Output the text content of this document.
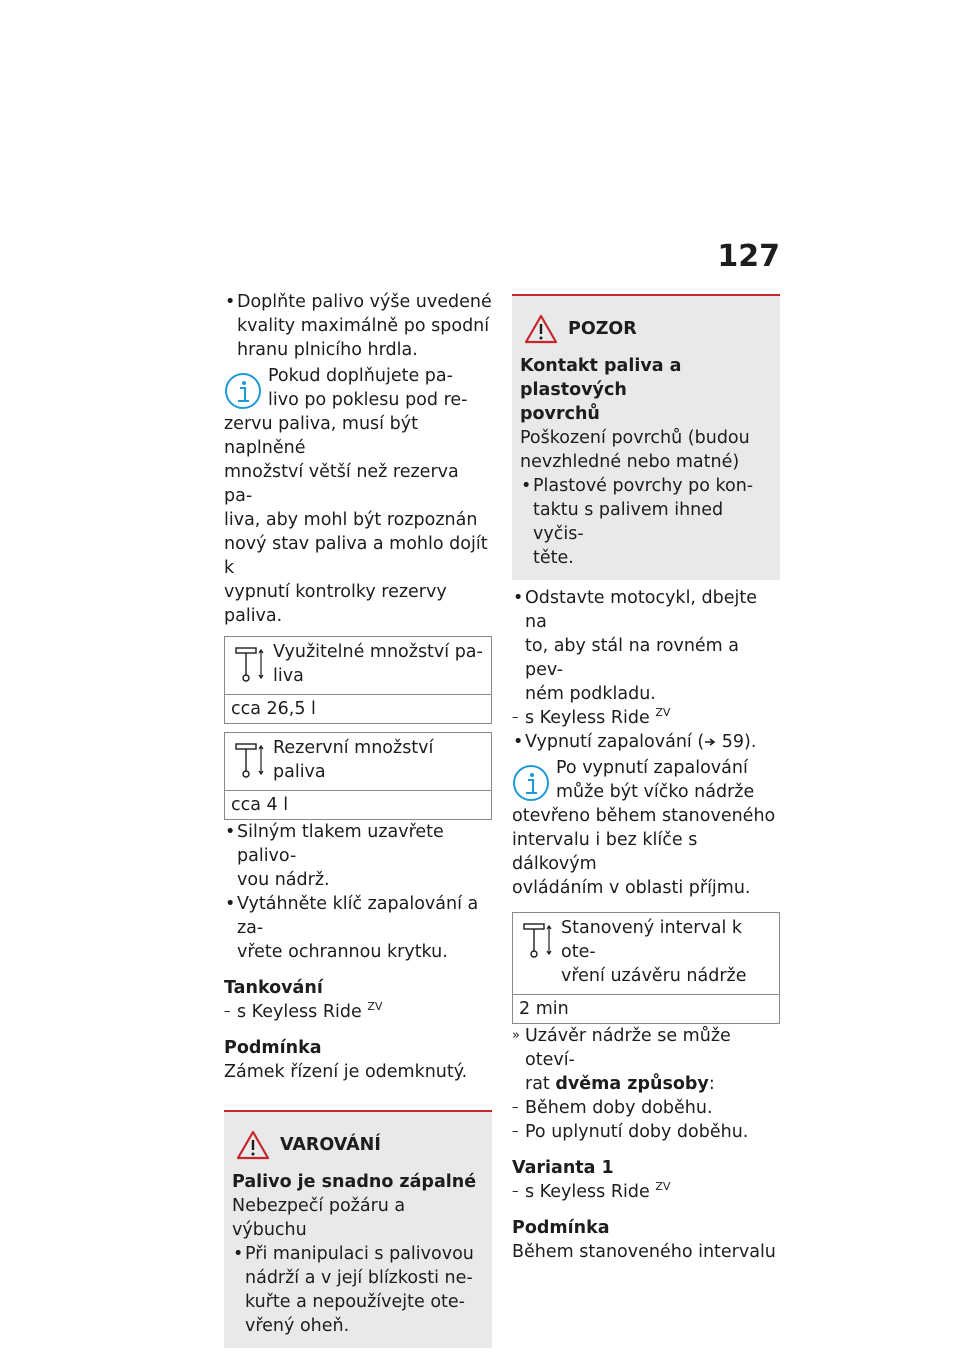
127
• Doplňte palivo výše uvedené
kvality maximálně po spodní
hranu plnicího hrdla.
Pokud doplňujete pa-
livo po poklesu pod re-
zervu paliva, musí být naplněné
množství větší než rezerva pa-
liva, aby mohl být rozpoznán
nový stav paliva a mohlo dojít k
vypnutí kontrolky rezervy paliva.
Využitelné množství pa-
liva
cca 26,5 l
Rezervní množství paliva
cca 4 l
• Silným tlakem uzavřete palivo-
vou nádrž.
• Vytáhněte klíč zapalování a za-
vřete ochrannou krytku.

Tankování

– s Keyless Ride $^{ZV}$

Podmínka

Zámek řízení je odemknutý.

VAROVÁNÍ
Palivo je snadno zápalné
Nebezpečí požáru a výbuchu
• Při manipulaci s palivovou
nádrží a v její blízkosti ne-
kuřte a nepoužívejte ote-
vřený oheň.
POZOR
Kontakt paliva a plastových
povrchů
Poškození povrchů (budou
nevzhledné nebo matné)
• Plastové povrchy po kon-
taktu s palivem ihned vyčis-
těte.
• Odstavte motocykl, dbejte na
to, aby stál na rovném a pev-
ném podkladu.
– s Keyless Ride $^{ZV}$
• Vypnutí zapalování ( 59).
Po vypnutí zapalování
může být víčko nádrže
otevřeno během stanoveného
intervalu i bez klíče s dálkovým
ovládáním v oblasti příjmu.
Stanovený interval k ote-
vření uzávěru nádrže
2 min
» Uzávěr nádrže se může oteví-
rat dvěma způsoby:
– Během doby doběhu.
– Po uplynutí doby doběhu.

Varianta 1

– s Keyless Ride $^{ZV}$

Podmínka

Během stanoveného intervalu
